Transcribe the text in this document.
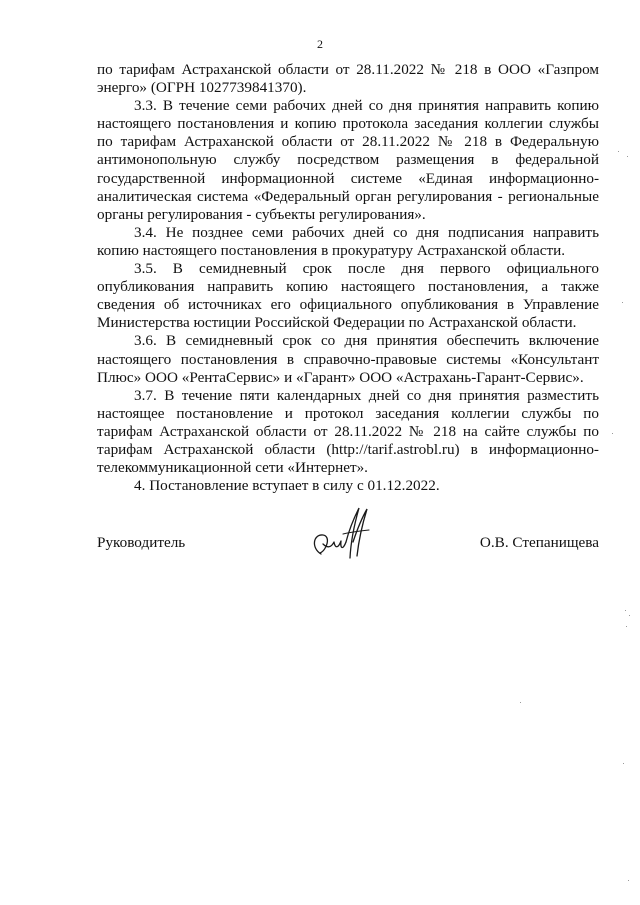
2

по тарифам Астраханской области от 28.11.2022 № 218 в ООО «Газпром энерго» (ОГРН 1027739841370).

3.3. В течение семи рабочих дней со дня принятия направить копию настоящего постановления и копию протокола заседания коллегии службы по тарифам Астраханской области от 28.11.2022 № 218 в Федеральную антимонопольную службу посредством размещения в федеральной государственной информационной системе «Единая информационно-аналитическая система «Федеральный орган регулирования - региональные органы регулирования - субъекты регулирования».

3.4. Не позднее семи рабочих дней со дня подписания направить копию настоящего постановления в прокуратуру Астраханской области.

3.5. В семидневный срок после дня первого официального опубликования направить копию настоящего постановления, а также сведения об источниках его официального опубликования в Управление Министерства юстиции Российской Федерации по Астраханской области.

3.6. В семидневный срок со дня принятия обеспечить включение настоящего постановления в справочно-правовые системы «Консультант Плюс» ООО «РентаСервис» и «Гарант» ООО «Астрахань-Гарант-Сервис».

3.7. В течение пяти календарных дней со дня принятия разместить настоящее постановление и протокол заседания коллегии службы по тарифам Астраханской области от 28.11.2022 № 218 на сайте службы по тарифам Астраханской области (http://tarif.astrobl.ru) в информационно-телекоммуникационной сети «Интернет».

4. Постановление вступает в силу с 01.12.2022.

Руководитель	О.В. Степанищева
